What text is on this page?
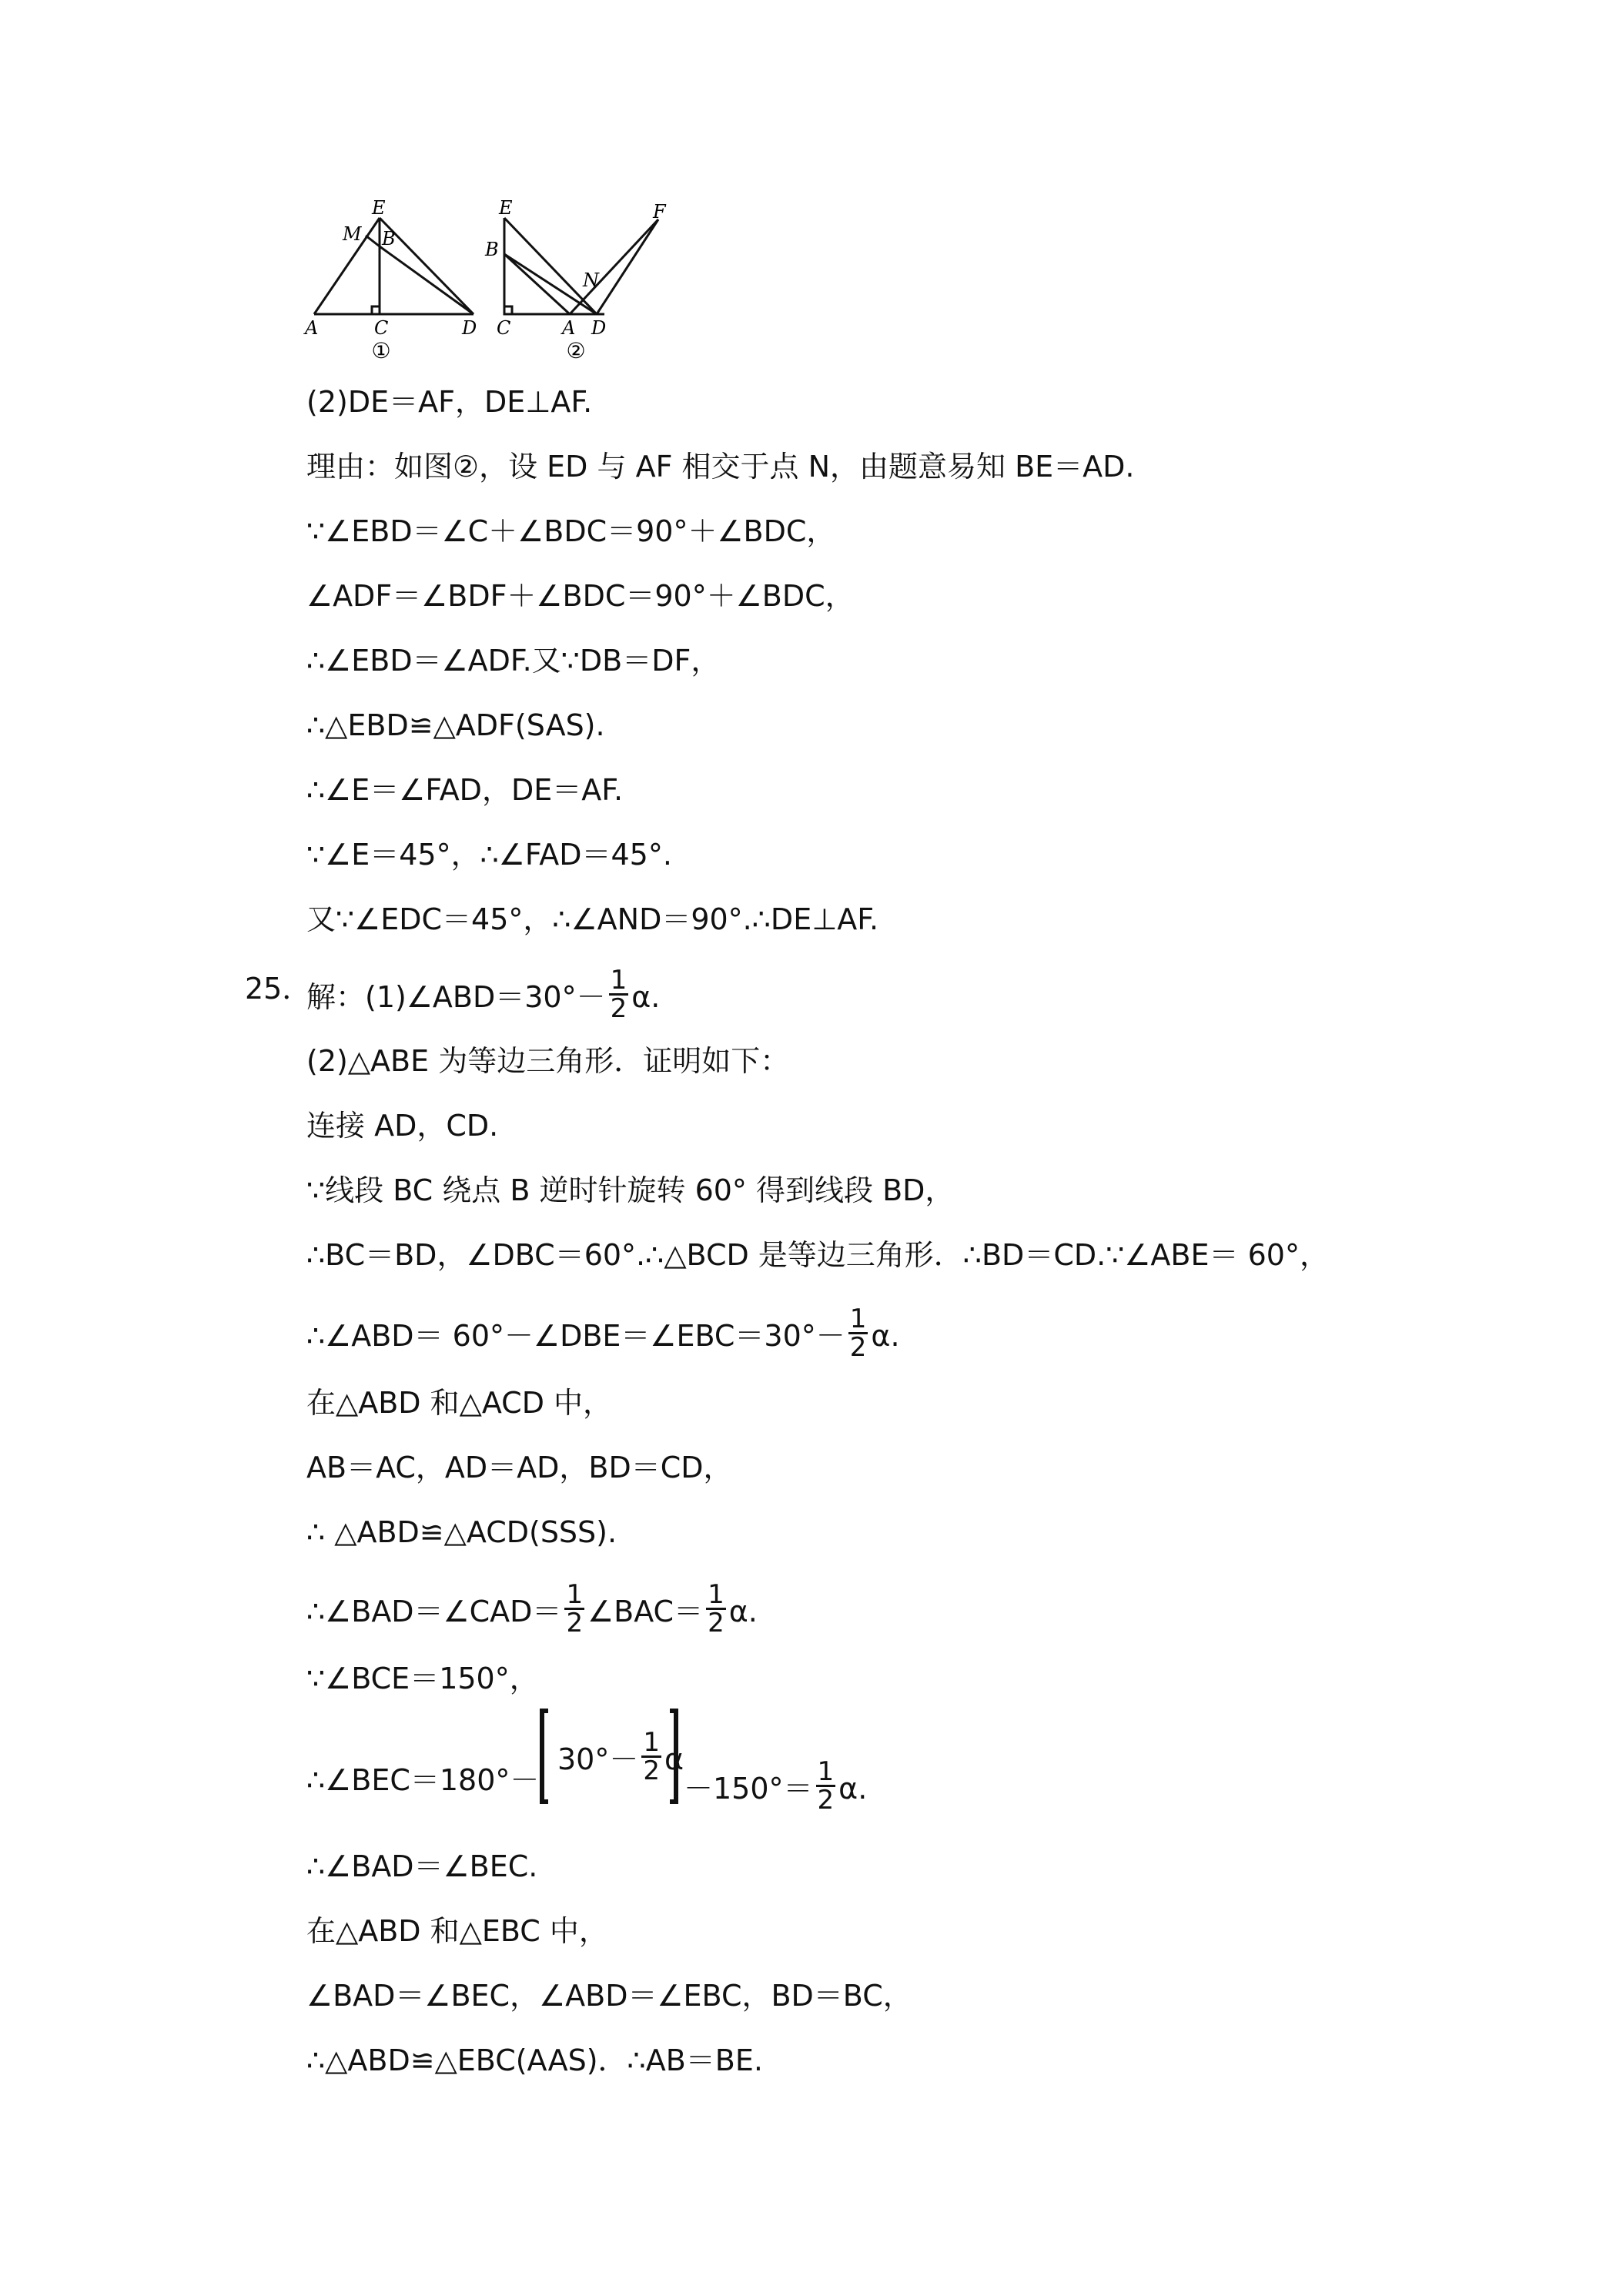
E
M B
A	C	D
E
B
F
N
C	A D
①	②
(2)DE＝AF，DE⊥AF.
理由：如图②，设 ED 与 AF 相交于点 N，由题意易知 BE＝AD.
∵∠EBD＝∠C＋∠BDC＝90°＋∠BDC，
∠ADF＝∠BDF＋∠BDC＝90°＋∠BDC，
∴∠EBD＝∠ADF.又∵DB＝DF，
∴△EBD≌△ADF(SAS).
∴∠E＝∠FAD，DE＝AF.
∵∠E＝45°，∴∠FAD＝45°.
又∵∠EDC＝45°，∴∠AND＝90°.∴DE⊥AF.
25．
解：(1)∠ABD＝30°－ $\frac{1}{2} \alpha$.
(2)△ABE 为等边三角形．证明如下：
连接 AD，CD.
∵线段 BC 绕点 B 逆时针旋转 60° 得到线段 BD，
∴BC＝BD，∠DBC＝60°.∴△BCD 是等边三角形．∴BD＝CD.∵∠ABE＝ 60°，
∴∠ABD＝ 60°－∠DBE＝∠EBC＝30°－ $\frac{1}{2} \alpha$.
在△ABD 和△ACD 中，
AB＝AC，AD＝AD，BD＝CD，
∴ △ABD≌△ACD(SSS).
∴∠BAD＝∠CAD＝ $\frac{1}{2}$ ∠BAC＝ $\frac{1}{2} \alpha$.
∵∠BCE＝150°，
∴∠BEC＝180°－
$30^\circ- \frac{1}{2}$ α
$-150^\circ= \frac{1}{2} \alpha$.
∴∠BAD＝∠BEC.
在△ABD 和△EBC 中，
∠BAD＝∠BEC，∠ABD＝∠EBC，BD＝BC，
∴△ABD≌△EBC(AAS)．∴AB＝BE.
